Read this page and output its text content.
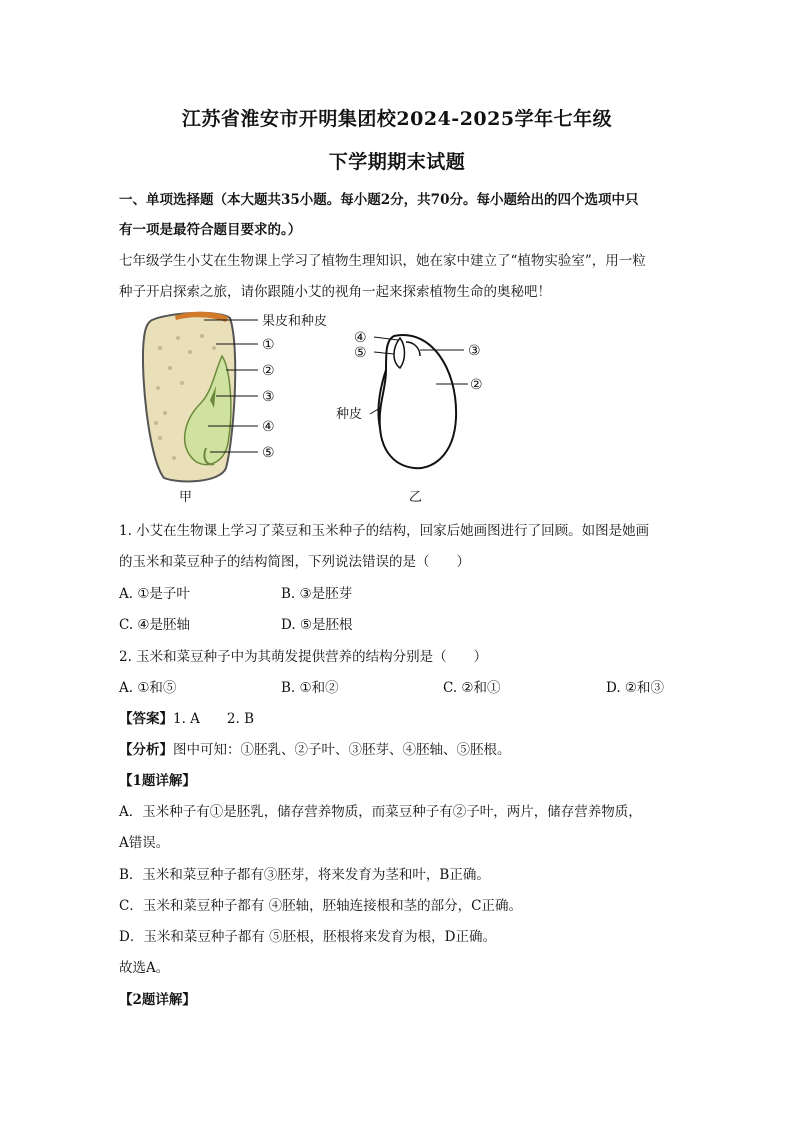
江苏省淮安市开明集团校2024-2025学年七年级
下学期期末试题
一、单项选择题（本大题共35小题。每小题2分，共70分。每小题给出的四个选项中只
有一项是最符合题目要求的。）
七年级学生小艾在生物课上学习了植物生理知识，她在家中建立了“植物实验室”，用一粒
种子开启探索之旅，请你跟随小艾的视角一起来探索植物生命的奥秘吧！
果皮和种皮
①
②
③
④
⑤
④
⑤	③
②
种皮
甲	乙
1. 小艾在生物课上学习了菜豆和玉米种子的结构，回家后她画图进行了回顾。如图是她画
的玉米和菜豆种子的结构简图，下列说法错误的是（　　）
A. ①是子叶	B. ③是胚芽
C. ④是胚轴	D. ⑤是胚根
2. 玉米和菜豆种子中为其萌发提供营养的结构分别是（　　）
A. ①和⑤	B. ①和②	C. ②和①	D. ②和③
【答案】1. A　　2. B
【分析】图中可知：①胚乳、②子叶、③胚芽、④胚轴、⑤胚根。
【1题详解】
A．玉米种子有①是胚乳，储存营养物质，而菜豆种子有②子叶，两片，储存营养物质，
A错误。
B．玉米和菜豆种子都有③胚芽，将来发育为茎和叶，B正确。
C．玉米和菜豆种子都有 ④胚轴，胚轴连接根和茎的部分，C正确。
D．玉米和菜豆种子都有 ⑤胚根，胚根将来发育为根，D正确。
故选A。
【2题详解】
